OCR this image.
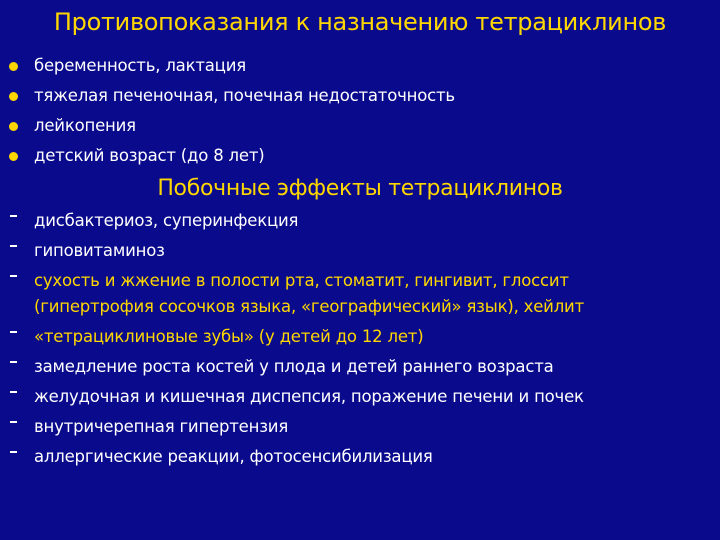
Противопоказания к назначению тетрациклинов
беременность, лактация
тяжелая печеночная, почечная недостаточность
лейкопения
детский возраст (до 8 лет)
Побочные эффекты тетрациклинов
дисбактериоз, суперинфекция
гиповитаминоз
сухость и жжение в полости рта, стоматит, гингивит, глоссит
(гипертрофия сосочков языка, «географический» язык), хейлит
«тетрациклиновые зубы» (у детей до 12 лет)
замедление роста костей у плода и детей раннего возраста
желудочная и кишечная диспепсия, поражение печени и почек
внутричерепная гипертензия
аллергические реакции, фотосенсибилизация
